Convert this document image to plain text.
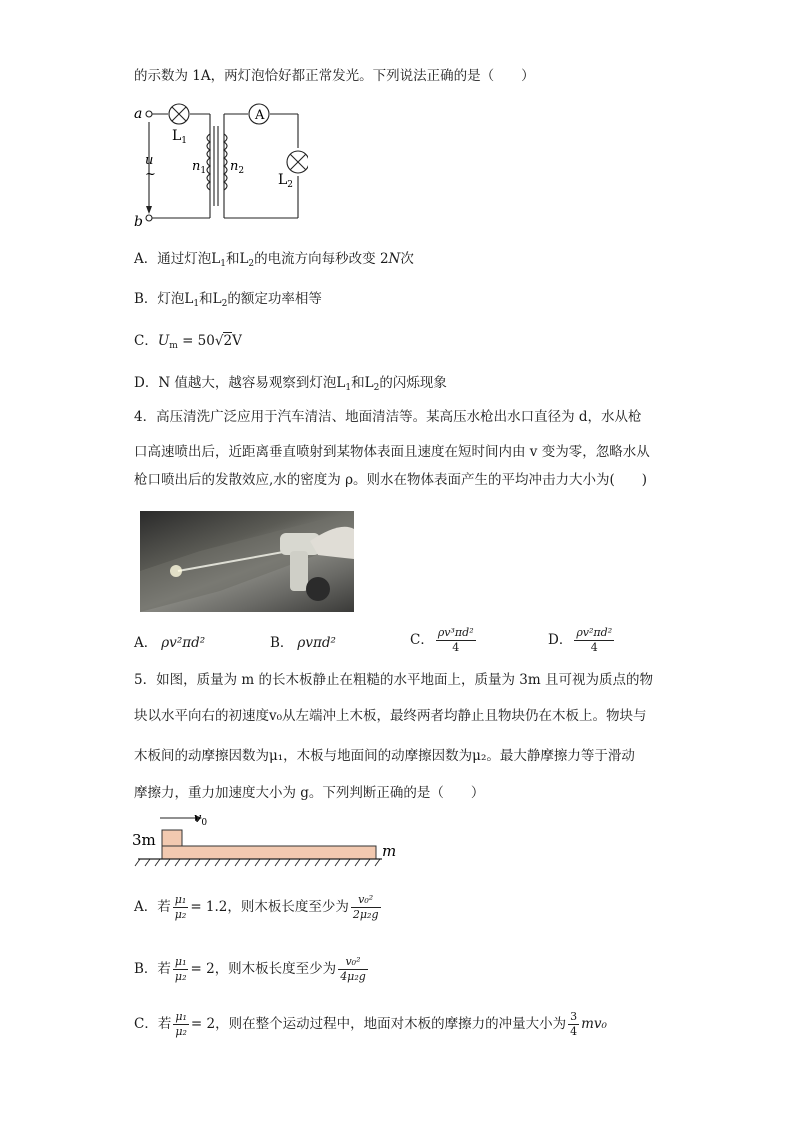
的示数为 1A，两灯泡恰好都正常发光。下列说法正确的是（　　）
a
b
u
~
$L_1$
$n_1$ $n_2$
A
$L_2$
A．通过灯泡$L_1$和$L_2$的电流方向每秒改变 2N次
B．灯泡$L_1$和$L_2$的额定功率相等
C．$U_m = 50√2V$
D．N 值越大，越容易观察到灯泡$L_1$和$L_2$的闪烁现象
4．高压清洗广泛应用于汽车清洁、地面清洁等。某高压水枪出水口直径为 d，水从枪
口高速喷出后，近距离垂直喷射到某物体表面且速度在短时间内由 v 变为零，忽略水从
枪口喷出后的发散效应,水的密度为 ρ。则水在物体表面产生的平均冲击力大小为(　　)
A． ρv²πd²	B． ρvπd²	C． $\frac{\text{ρv³πd²}}{4}$	D． $\frac{\text{ρv²πd²}}{4}$
5．如图，质量为 m 的长木板静止在粗糙的水平地面上，质量为 3m 且可视为质点的物
块以水平向右的初速度v₀从左端冲上木板，最终两者均静止且物块仍在木板上。物块与
木板间的动摩擦因数为μ₁，木板与地面间的动摩擦因数为μ₂。最大静摩擦力等于滑动
摩擦力，重力加速度大小为 g。下列判断正确的是（　　）
$v_0$
3m
m
A．若 $\frac{\text{μ₁}}{\text{μ₂}} = 1.2$，则木板长度至少为 $\frac{\text{v₀²}}{\text{2μ₂g}}$
B．若 $\frac{\text{μ₁}}{\text{μ₂}} = 2$，则木板长度至少为 $\frac{\text{v₀²}}{\text{4μ₂g}}$
C．若 $\frac{\text{μ₁}}{\text{μ₂}} = 2$，则在整个运动过程中，地面对木板的摩擦力的冲量大小为 $\frac{3}{4} mv_0$
